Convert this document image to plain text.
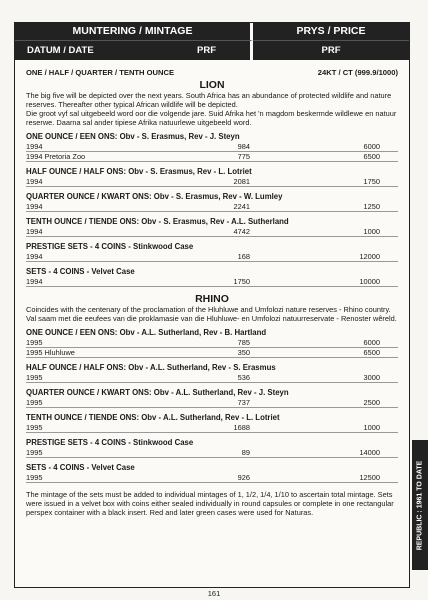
MUNTERING / MINTAGE	PRYS / PRICE
DATUM / DATE	PRF	PRF
ONE / HALF / QUARTER / TENTH OUNCE	24KT / CT (999.9/1000)
LION

The big five will be depicted over the next years. South Africa has an abundance of protected wildlife and nature reserves. Thereafter other typical African wildlife will be depicted.

Die groot vyf sal uitgebeeld word oor die volgende jare. Suid Afrika het 'n magdom beskermde wildlewe en natuur reserwe. Daarna sal ander tipiese Afrika natuurlewe uitgebeeld word.

ONE OUNCE / EEN ONS: Obv - S. Erasmus, Rev - J. Steyn
1994	984	6000
1994 Pretoria Zoo	775	6500
HALF OUNCE / HALF ONS: Obv - S. Erasmus, Rev - L. Lotriet
1994	2081	1750
QUARTER OUNCE / KWART ONS: Obv - S. Erasmus, Rev - W. Lumley
1994	2241	1250
TENTH OUNCE / TIENDE ONS: Obv - S. Erasmus, Rev - A.L. Sutherland
1994	4742	1000
PRESTIGE SETS - 4 COINS - Stinkwood Case
1994	168	12000
SETS - 4 COINS - Velvet Case
1994	1750	10000
RHINO

Coincides with the centenary of the proclamation of the Hluhluwe and Umfolozi nature reserves - Rhino country.

Val saam met die eeufees van die proklamasie van die Hluhluwe- en Umfolozi natuurreservate - Renoster wêreld.

ONE OUNCE / EEN ONS: Obv - A.L. Sutherland, Rev - B. Hartland
1995	785	6000
1995 Hluhluwe	350	6500
HALF OUNCE / HALF ONS: Obv - A.L. Sutherland, Rev - S. Erasmus
1995	536	3000
QUARTER OUNCE / KWART ONS: Obv - A.L. Sutherland, Rev - J. Steyn
1995	737	2500
TENTH OUNCE / TIENDE ONS: Obv - A.L. Sutherland, Rev - L. Lotriet
1995	1688	1000
PRESTIGE SETS - 4 COINS - Stinkwood Case
1995	89	14000
SETS - 4 COINS - Velvet Case
1995	926	12500

The mintage of the sets must be added to individual mintages of 1, 1/2, 1/4, 1/10 to ascertain total mintage. Sets were issued in a velvet box with coins either sealed individually in round capsules or complete in one rectangular perspex container with a black insert. Red and later green cases were used for Naturas.	REPUBLIC : 1961 TO DATE
161
